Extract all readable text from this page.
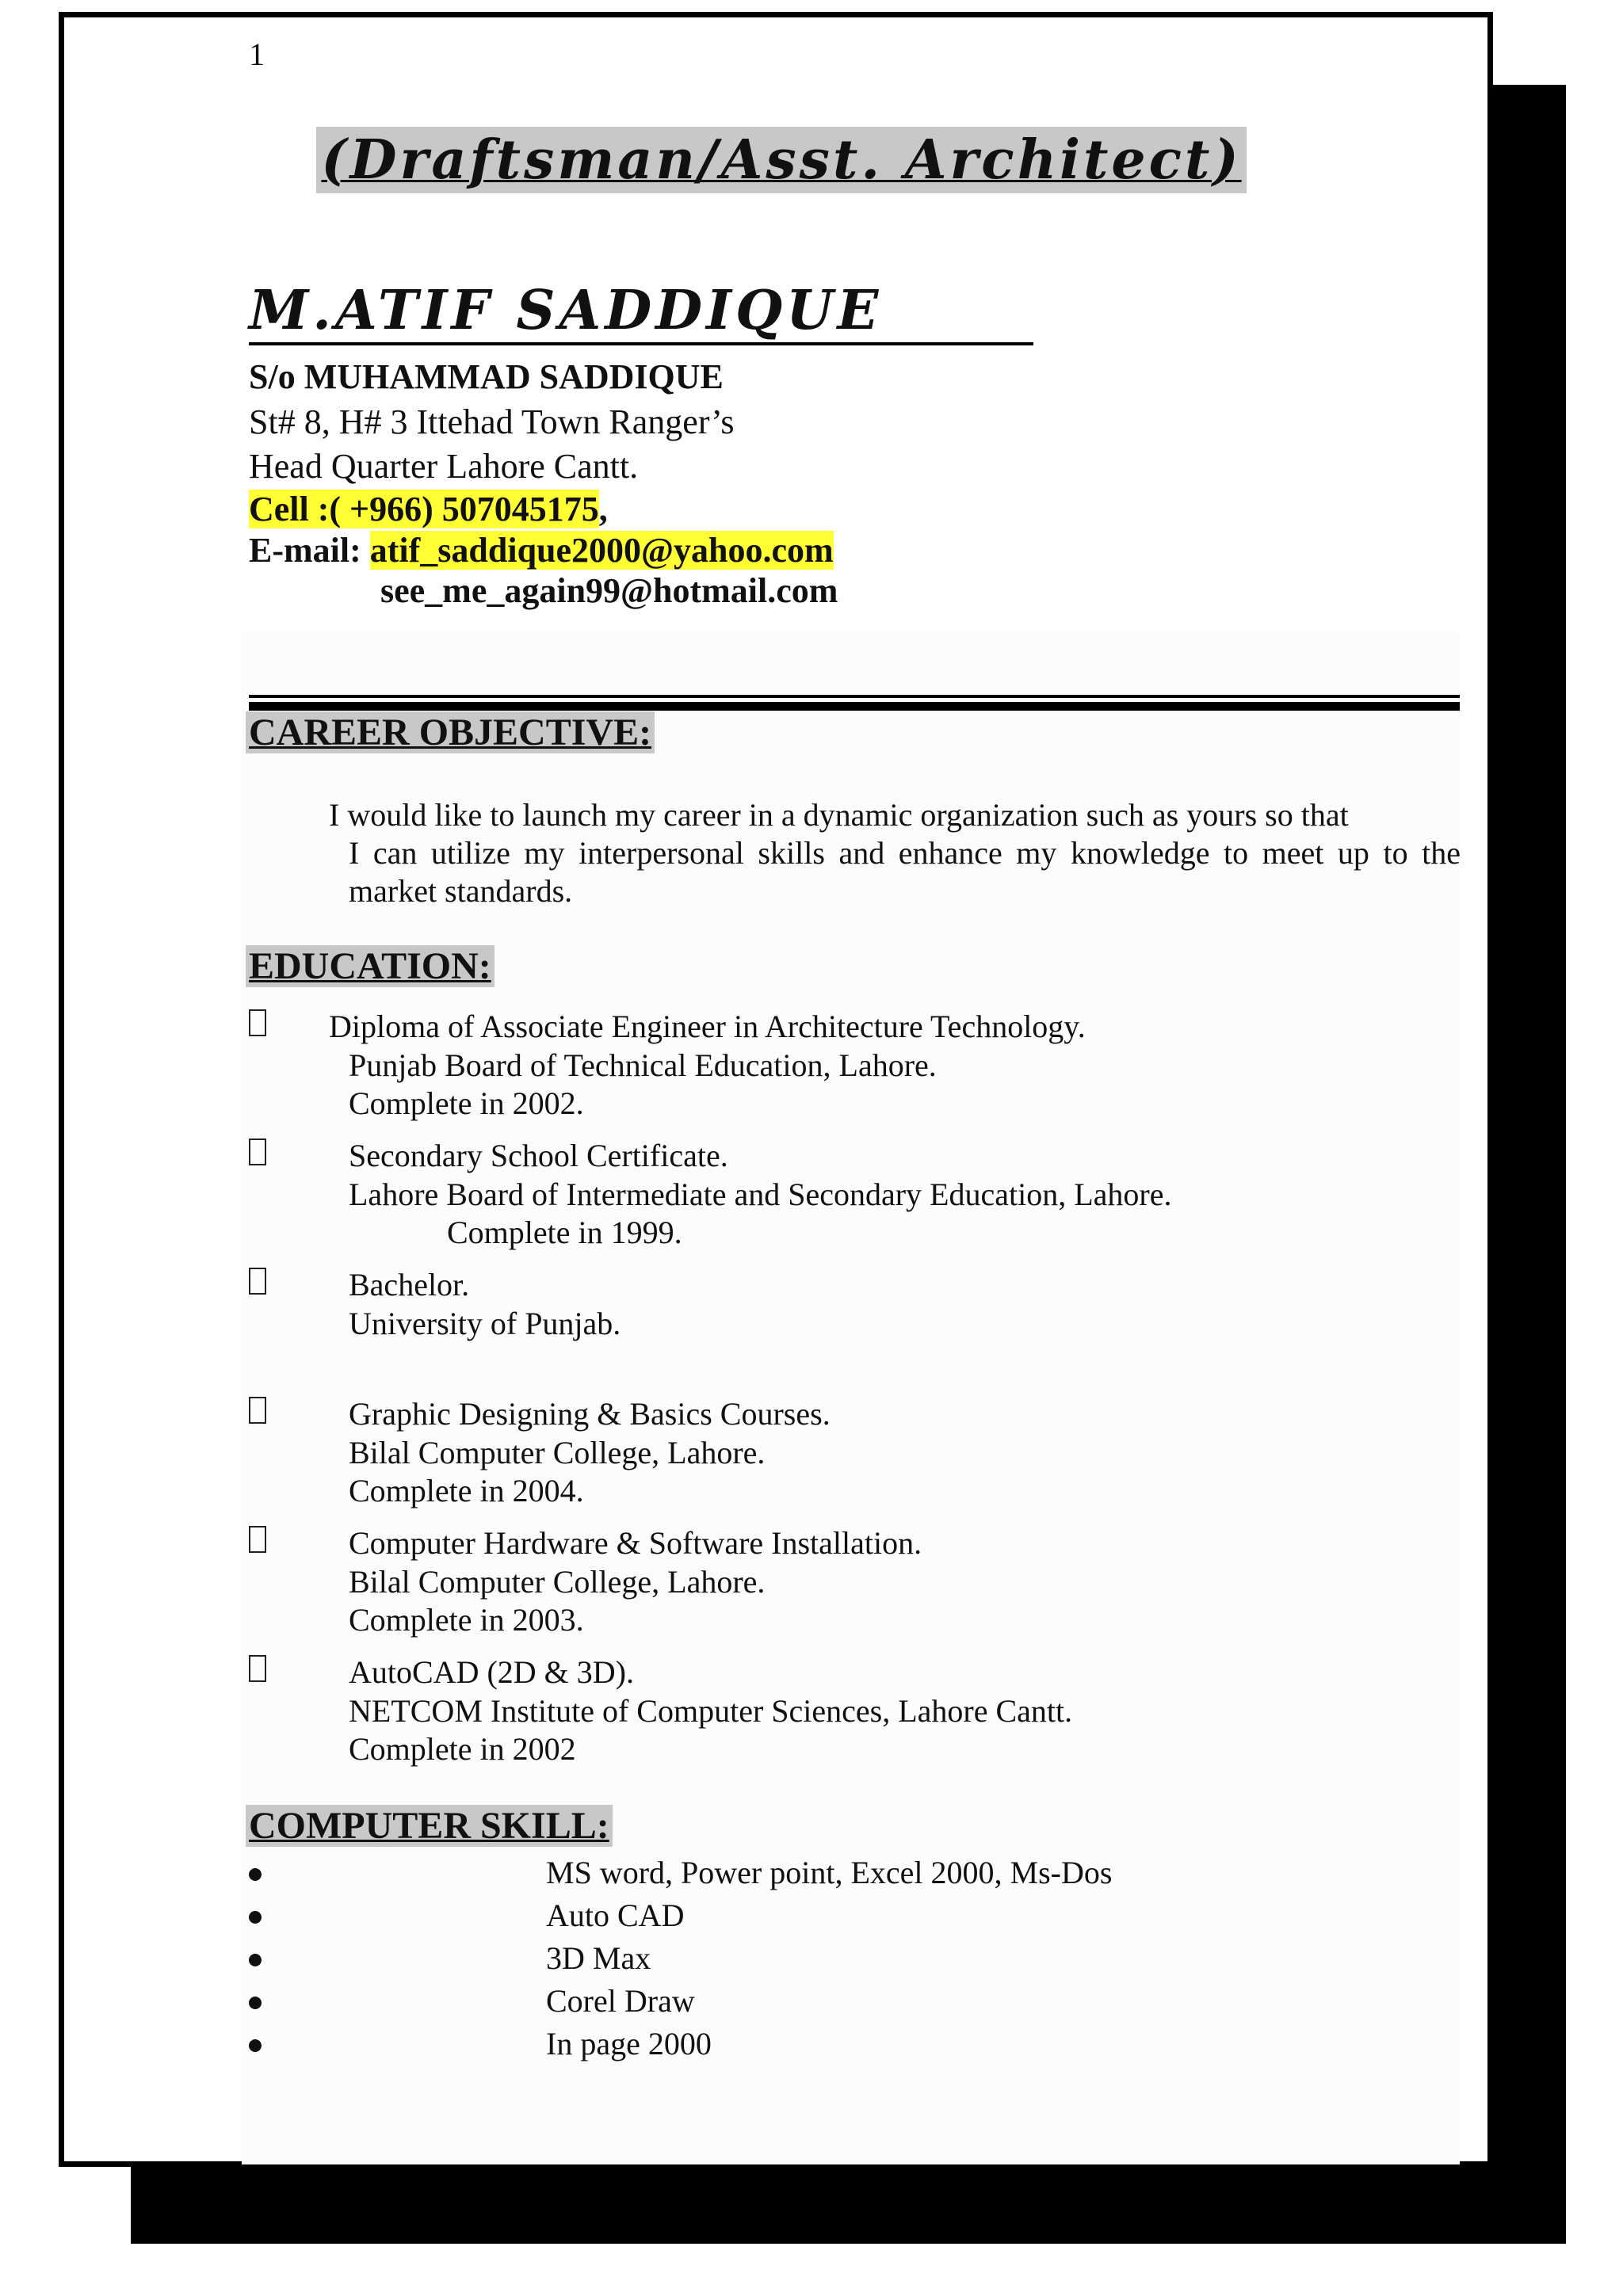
1
(Draftsman/Asst. Architect)
M.ATIF SADDIQUE
S/o MUHAMMAD SADDIQUE
St# 8, H# 3 Ittehad Town Ranger’s
Head Quarter Lahore Cantt.
Cell :( +966) 507045175,
E-mail: atif_saddique2000@yahoo.com
see_me_again99@hotmail.com
CAREER OBJECTIVE:
I would like to launch my career in a dynamic organization such as yours so that
I can utilize my interpersonal skills and enhance my knowledge to meet up to the market standards.
EDUCATION:
Diploma of Associate Engineer in Architecture Technology.
Punjab Board of Technical Education, Lahore.
Complete in 2002.
Secondary School Certificate.
Lahore Board of Intermediate and Secondary Education, Lahore.
Complete in 1999.
Bachelor.
University of Punjab.
Graphic Designing & Basics Courses.
Bilal Computer College, Lahore.
Complete in 2004.
Computer Hardware & Software Installation.
Bilal Computer College, Lahore.
Complete in 2003.
AutoCAD (2D & 3D).
NETCOM Institute of Computer Sciences, Lahore Cantt.
Complete in 2002
COMPUTER SKILL:
MS word, Power point, Excel 2000, Ms-Dos
Auto CAD
3D Max
Corel Draw
In page 2000
